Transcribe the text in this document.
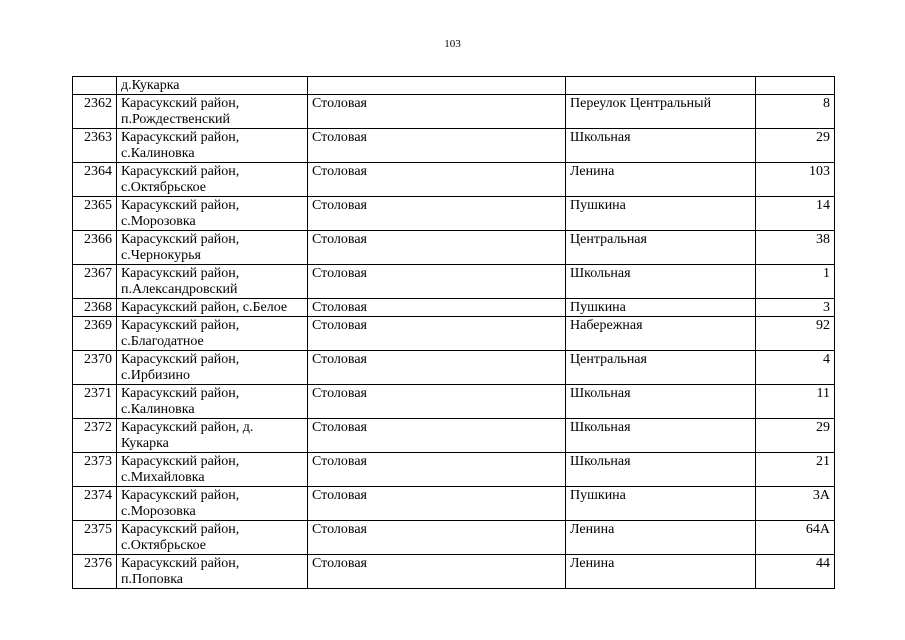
103
	д.Кукарка			
2362	Карасукский район, п.Рождественский	Столовая	Переулок Центральный	8
2363	Карасукский район, с.Калиновка	Столовая	Школьная	29
2364	Карасукский район, с.Октябрьское	Столовая	Ленина	103
2365	Карасукский район, с.Морозовка	Столовая	Пушкина	14
2366	Карасукский район, с.Чернокурья	Столовая	Центральная	38
2367	Карасукский район, п.Александровский	Столовая	Школьная	1
2368	Карасукский район, с.Белое	Столовая	Пушкина	3
2369	Карасукский район, с.Благодатное	Столовая	Набережная	92
2370	Карасукский район, с.Ирбизино	Столовая	Центральная	4
2371	Карасукский район, с.Калиновка	Столовая	Школьная	11
2372	Карасукский район, д. Кукарка	Столовая	Школьная	29
2373	Карасукский район, с.Михайловка	Столовая	Школьная	21
2374	Карасукский район, с.Морозовка	Столовая	Пушкина	3А
2375	Карасукский район, с.Октябрьское	Столовая	Ленина	64А
2376	Карасукский район, п.Поповка	Столовая	Ленина	44
